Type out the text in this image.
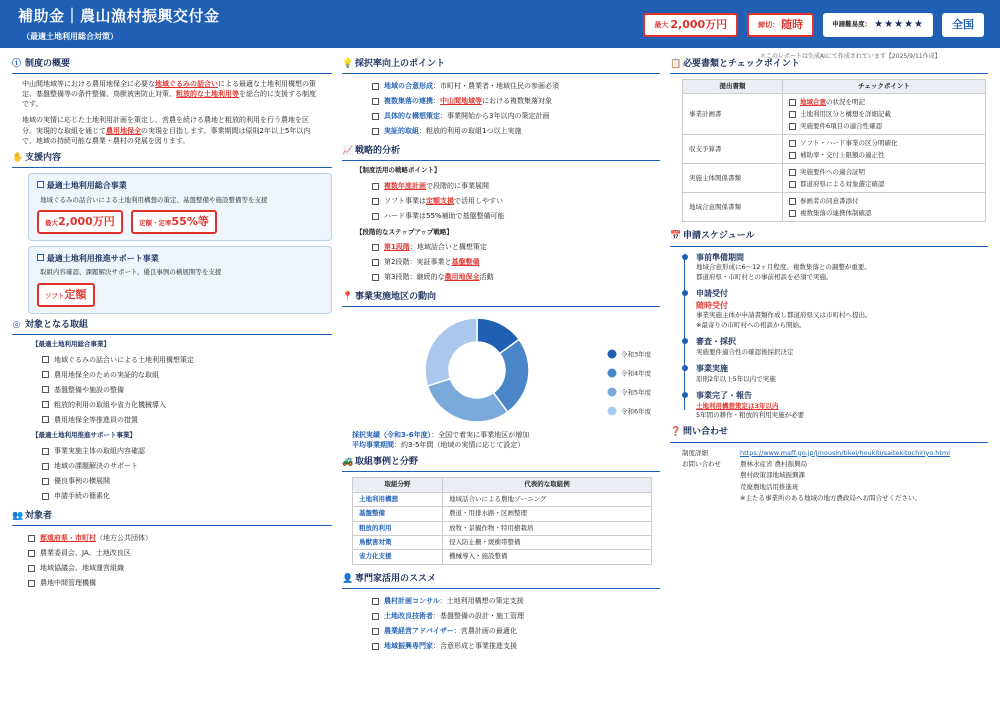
補助金｜農山漁村振興交付金
（最適土地利用総合対策）
最大 2,000万円	締切： 随時	申請難易度： ★★★★★	全国
＊このレポートは生成AIにて作成されています【2025/9/11作成】
ⓘ 制度の概要
中山間地域等における農用地保全に必要な地域ぐるみの話合いによる最適な土地利用構想の策定、基盤整備等の条件整備、鳥獣被害防止対策、粗放的な土地利用等を総合的に支援する制度です。
地域の実情に応じた土地利用計画を策定し、営農を続ける農地と粗放的利用を行う農地を区分。実現的な取組を通じて農用地保全の実現を目指します。事業期間は原則2年以上5年以内で、地域の持続可能な農業・農村の発展を図ります。
✋ 支援内容
最適土地利用総合事業
地域ぐるみの話合いによる土地利用構想の策定、基盤整備や施設整備等を支援
最大2,000万円	定額・定率55%等
最適土地利用推進サポート事業
取組内容確認、課題解決サポート、優良事例の横展開等を支援
ソフト定額
◎ 対象となる取組
【最適土地利用総合事業】
地域ぐるみの話合いによる土地利用構想策定
農用地保全のための実証的な取組
基盤整備や施設の整備
粗放的利用の取組や省力化機械導入
農用地保全等推進員の措置
【最適土地利用推進サポート事業】
事業実施主体の取組内容確認
地域の課題解決のサポート
優良事例の横展開
申請手続の簡素化
👥 対象者
都道府県・市町村（地方公共団体）
農業委員会、JA、土地改良区
地域協議会、地域運営組織
農地中間管理機構
💡 採択率向上のポイント
地域の合意形成：市町村・農業者・地域住民の参画必須
複数集落の連携：中山間地域等における複数集落対象
具体的な構想策定：事業開始から3年以内の策定計画
実証的取組：粗放的利用の取組1つ以上実施
📈 戦略的分析
【制度活用の戦略ポイント】
複数年度計画で段階的に事業展開
ソフト事業は定額支援で活用しやすい
ハード事業は55%補助で基盤整備可能
【段階的なステップアップ戦略】
第1段階：地域話合いと構想策定
第2段階：実証事業と基盤整備
第3段階：継続的な農用地保全活動
📍 事業実施地区の動向
令和3年度
令和4年度
令和5年度
令和6年度
採択実績（令和3-6年度）：全国で着実に事業地区が増加
平均事業期間：約3-5年間（地域の実情に応じて設定）
🚜 取組事例と分野
取組分野	代表的な取組例
土地利用構想	地域話合いによる農地ゾーニング
基盤整備	農道・用排水路・区画整理
粗放的利用	放牧・景観作物・特用樹栽培
鳥獣害対策	侵入防止柵・緩衝帯整備
省力化支援	機械導入・施設整備
👤 専門家活用のススメ
農村計画コンサル：土地利用構想の策定支援
土地改良技術者：基盤整備の設計・施工管理
農業経営アドバイザー：営農計画の最適化
地域振興専門家：合意形成と事業推進支援
📋 必要書類とチェックポイント
提出書類	チェックポイント
事業計画書	地域合意の状況を明記
土地利用区分と構想を詳細記載
実施要件6項目の適合性確認

収支予算書	ソフト・ハード事業の区分明確化
補助率・交付上限額の適正性

実施主体関係書類	実施要件への適合証明
都道府県による対象選定確認

地域合意関係書類	参画者の同意書添付
複数集落の連携体制確認
📅 申請スケジュール
事前準備期間
地域合意形成に6〜12ヶ月程度。複数集落との調整が重要。
都道府県・市町村との事前相談を必須で実施。
申請受付
随時受付
事業実施主体が申請書類作成し都道府県又は市町村へ提出。
※最寄りの市町村への相談から開始。
審査・採択
実施要件適合性の確認後採択決定
事業実施
原則2年以上5年以内で実施
事業完了・報告
土地利用構想策定は3年以内
5年間の耕作・粗放的利用実施が必要
❓ 問い合わせ
制度詳細	https://www.maff.go.jp/j/nousin/tikei/houkiti/saitekitochiriyo.html
お問い合わせ	農林水産省 農村振興局
	農村政策部地域振興課
	荒廃農地活用推進班
	※主たる事業所のある地域の地方農政局へお問合せください。
